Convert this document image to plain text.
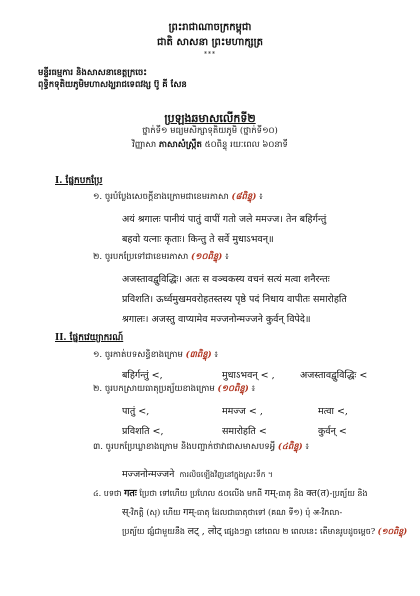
ព្រះរាជាណាចក្រកម្ពុជា
ជាតិ សាសនា ព្រះមហាក្សត្រ
***
មន្ទីរធម្មការ និងសាសនាខេត្តក្រចេះ
ពុទ្ធិកទុតិយភូមិមហាសង្ឃរាជទេពវង្ស ប៊ូ គី សែន
ប្រឡងឆមាសលើកទី២
ថ្នាក់ទី១ មធ្យមសិក្សាទុតិយភូមិ (ថ្នាក់ទី១០)
វិញ្ញាសា ភាសាសំស្ក្រឹត ៥០ពិន្ទុ រយៈពេល ៦០នាទី
I. ផ្នែកបកប្រែ
១. ចូរបំប្លែងសេចក្តីខាងក្រោមជាខេមរភាសា (៨ពិន្ទុ) ៖
अयं श्रगालः पानीयं पातुं वापीं गतो जले ममज्ज। तेन बहिर्गन्तुं
बहवो यत्नाः कृताः। किन्तु ते सर्वे मुधाऽभवन्॥
២. ចូរបកប្រែទៅជាខេមរភាសា (១០ពិន្ទុ) ៖
अजस्तावद्वुविद्धिः। अतः स वञ्चकस्य वचनं सत्यं मत्वा शनैरन्तः
प्रविशति। ऊर्ध्वमुखमवरोहतस्तस्य पृष्ठे पदं निधाय वापीतः समारोहति
श्रगालः। अजस्तु वाप्यामेव मज्जनोन्मज्जने कुर्वन् विपेदे॥
II. ផ្នែកវេយ្យាករណ៍
១. ចូរកាត់បទសន្ធិខាងក្រោម (៣ពិន្ទុ) ៖
बहिर्गन्तुं <,	मुधाऽभवन् < ,	अजस्तावद्वुविद्धिः <
២. ចូរបកស្រាយធាតុប្រត្យ័យខាងក្រោម (១០ពិន្ទុ) ៖
पातुं <,	ममज्ज < ,	मत्वा <,
प्रविशति <,	समारोहति <	कुर्वन् <
៣. ចូរបកប្រែឃ្លាខាងក្រោម និងបញ្ជាក់ថាវាជាសមាសបទអ្វី (៤ពិន្ទុ) ៖
मज्जनोन्मज्जने ការលិចឡើងវិញនៅក្នុងស្រះទឹក ។
៤. បទថា गतः ប្រែថា ទៅហើយ ប្រហែល ៥០លើង មកពី गम्-ធាតុ និង क्त(त)-ប្រត្យ័យ និង
स्-វិភត្តិ (សុ) ហើយ गम्-ធាតុ ដែលជាធាតុថាទៅ (គណ ទី១) ប៉ុ अ-វិភលា-
ប្រត្យ័យ ផ្សំជាមួយនឹង लट् , लोट् ផ្សេងៗគ្នា នៅពេល ២ ពេលនេះ តើមានរូបដូចម្ដេច? (១០ពិន្ទុ)
